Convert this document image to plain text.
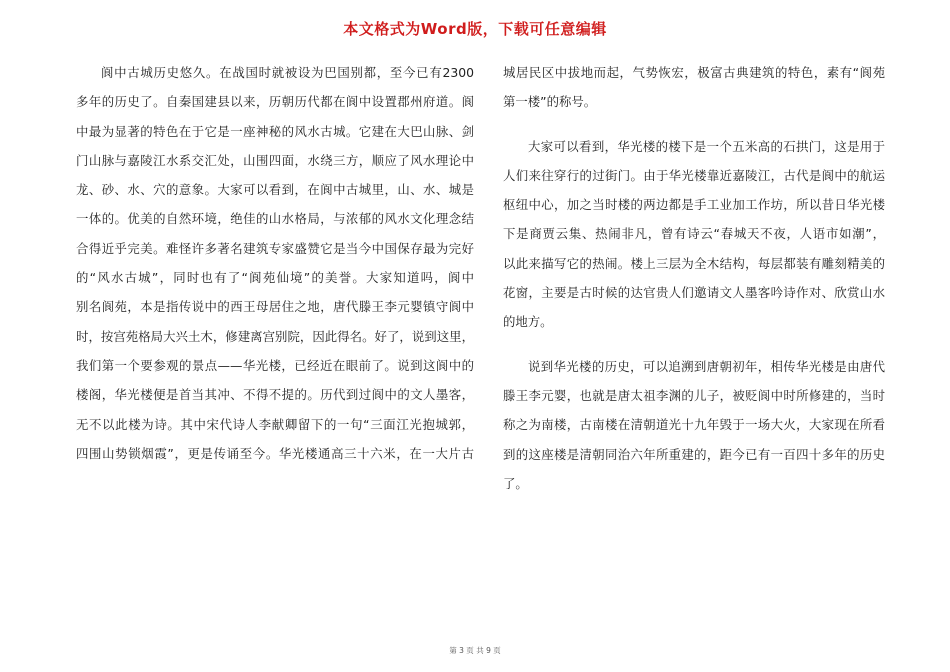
本文格式为Word版，下载可任意编辑
阆中古城历史悠久。在战国时就被设为巴国别都，至今已有2300
多年的历史了。自秦国建县以来，历朝历代都在阆中设置郡州府道。阆
中最为显著的特色在于它是一座神秘的风水古城。它建在大巴山脉、剑
门山脉与嘉陵江水系交汇处，山围四面，水绕三方，顺应了风水理论中
龙、砂、水、穴的意象。大家可以看到，在阆中古城里，山、水、城是
一体的。优美的自然环境，绝佳的山水格局，与浓郁的风水文化理念结
合得近乎完美。难怪许多著名建筑专家盛赞它是当今中国保存最为完好
的“风水古城”，同时也有了“阆苑仙境”的美誉。大家知道吗，阆中
别名阆苑，本是指传说中的西王母居住之地，唐代滕王李元婴镇守阆中
时，按宫苑格局大兴土木，修建离宫别院，因此得名。好了，说到这里，
我们第一个要参观的景点——华光楼，已经近在眼前了。说到这阆中的
楼阁，华光楼便是首当其冲、不得不提的。历代到过阆中的文人墨客，
无不以此楼为诗。其中宋代诗人李献卿留下的一句“三面江光抱城郭，
四围山势锁烟霞”，更是传诵至今。华光楼通高三十六米，在一大片古
城居民区中拔地而起，气势恢宏，极富古典建筑的特色，素有“阆苑
第一楼”的称号。
大家可以看到，华光楼的楼下是一个五米高的石拱门，这是用于
人们来往穿行的过街门。由于华光楼靠近嘉陵江，古代是阆中的航运
枢纽中心，加之当时楼的两边都是手工业加工作坊，所以昔日华光楼
下是商贾云集、热闹非凡，曾有诗云“春城天不夜，人语市如潮”，
以此来描写它的热闹。楼上三层为全木结构，每层都装有雕刻精美的
花窗，主要是古时候的达官贵人们邀请文人墨客吟诗作对、欣赏山水
的地方。
说到华光楼的历史，可以追溯到唐朝初年，相传华光楼是由唐代
滕王李元婴，也就是唐太祖李渊的儿子，被贬阆中时所修建的，当时
称之为南楼，古南楼在清朝道光十九年毁于一场大火，大家现在所看
到的这座楼是清朝同治六年所重建的，距今已有一百四十多年的历史
了。
第 3 页 共 9 页
